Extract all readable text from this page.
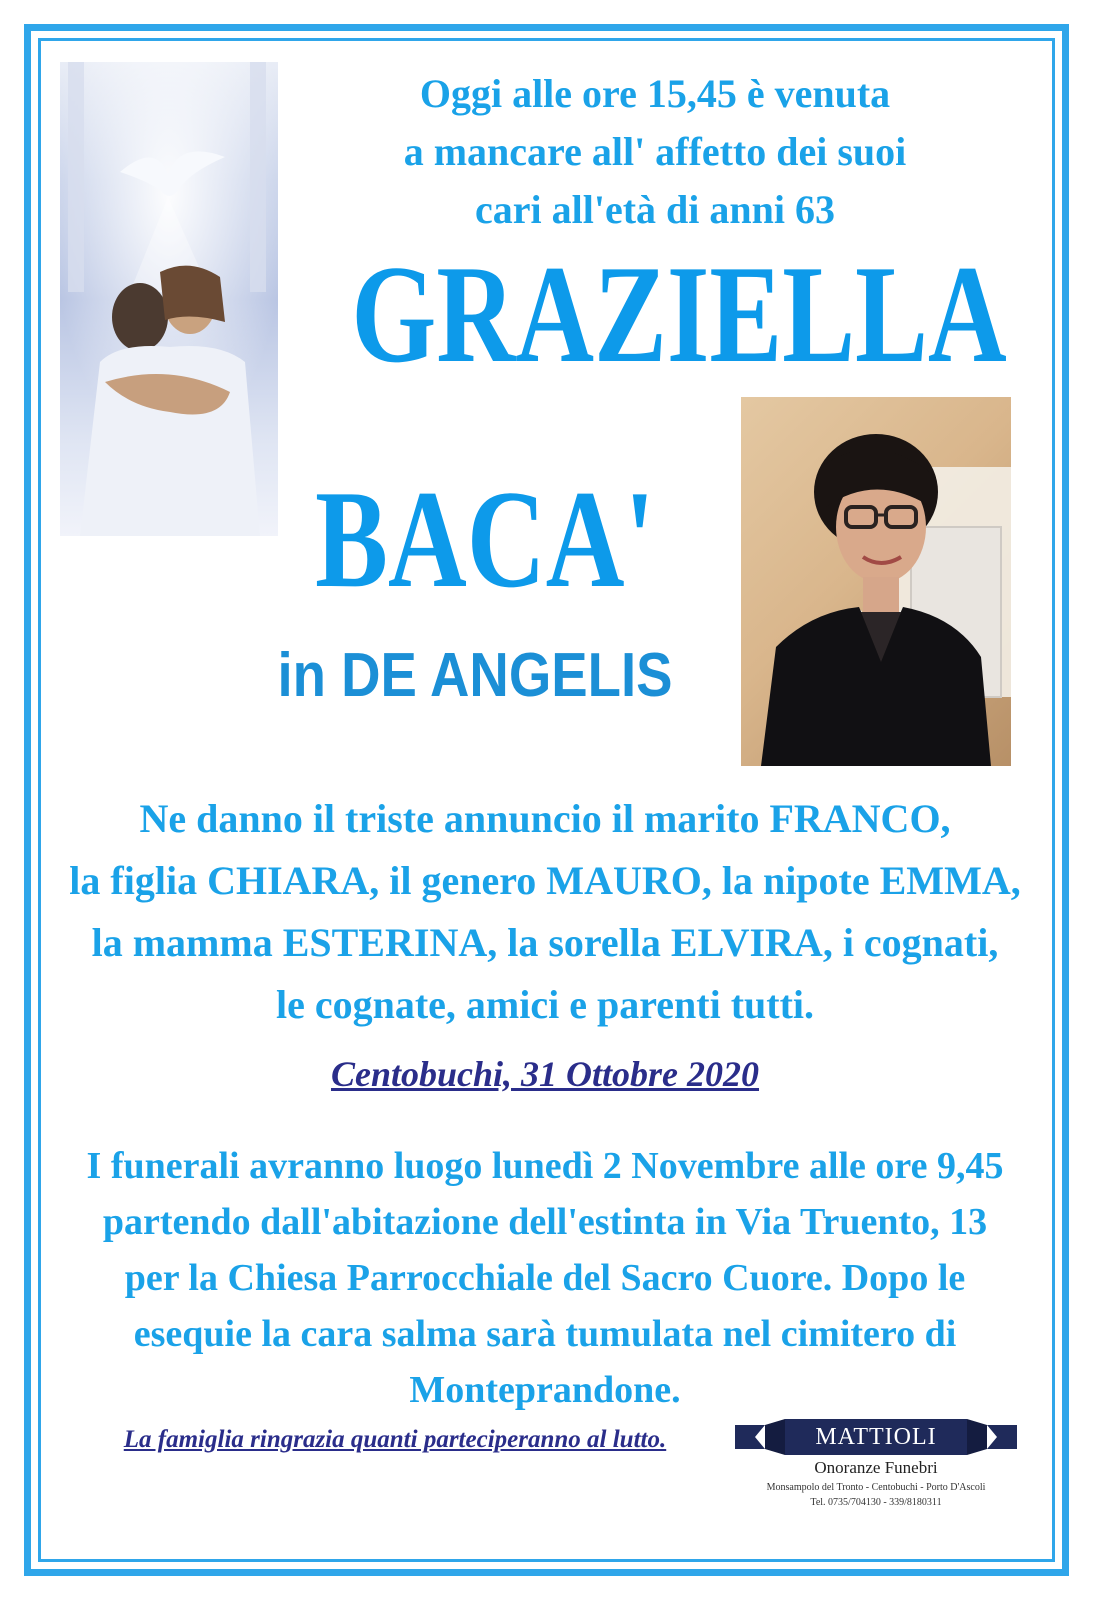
Oggi alle ore 15,45 è venuta
a mancare all' affetto dei suoi
cari all'età di anni 63
GRAZIELLA
BACA'
in DE ANGELIS
Ne danno il triste annuncio il marito FRANCO,
la figlia CHIARA, il genero MAURO, la nipote EMMA,
la mamma ESTERINA, la sorella ELVIRA, i cognati,
le cognate, amici e parenti tutti.
Centobuchi, 31 Ottobre 2020
I funerali avranno luogo lunedì 2 Novembre alle ore 9,45
partendo dall'abitazione dell'estinta in Via Truento, 13
per la Chiesa Parrocchiale del Sacro Cuore. Dopo le
esequie la cara salma sarà tumulata nel cimitero di
Monteprandone.
La famiglia ringrazia quanti parteciperanno al lutto.	MATTIOLI
Onoranze Funebri
Monsampolo del Tronto - Centobuchi - Porto D'Ascoli
Tel. 0735/704130 - 339/8180311
